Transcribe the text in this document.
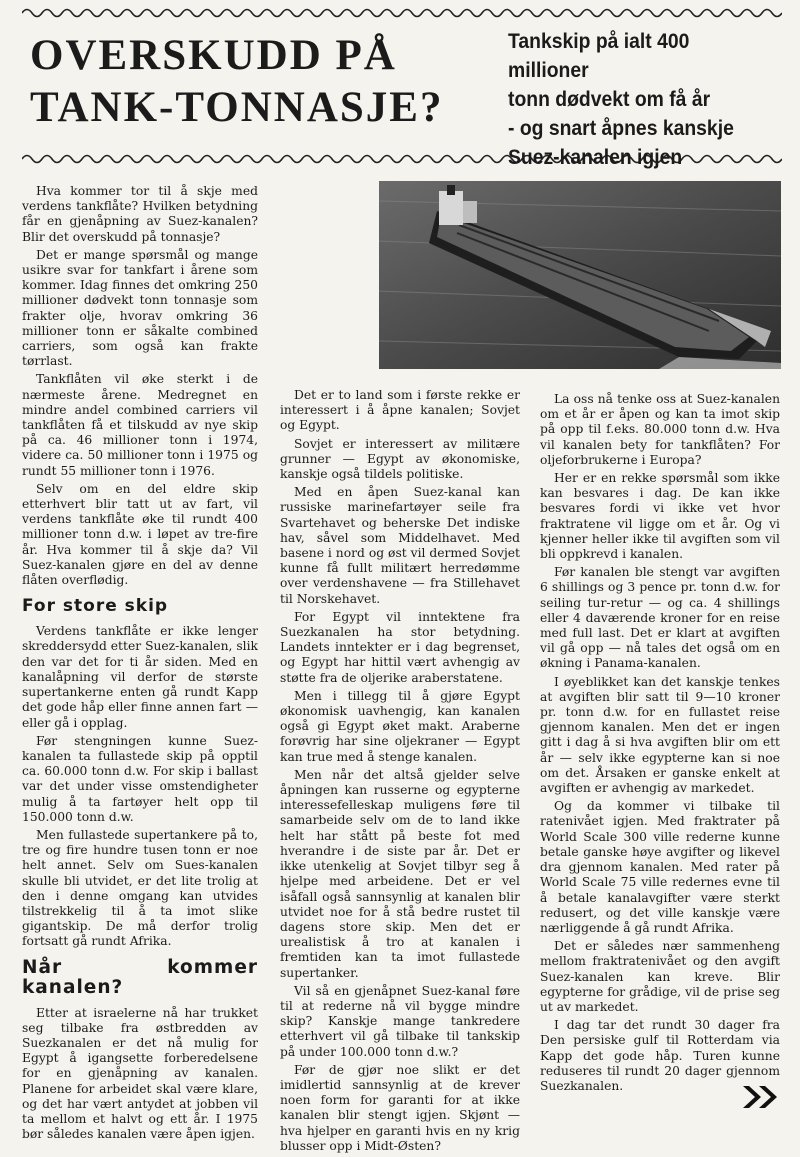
OVERSKUDD PÅ
TANK-TONNASJE?
Tankskip på ialt 400 millioner
tonn dødvekt om få år
- og snart åpnes kanskje
Suez-kanalen igjen

Hva kommer tor til å skje med verdens tankflåte? Hvilken betydning får en gjenåpning av Suez-kanalen? Blir det overskudd på tonnasje?

Det er mange spørsmål og mange usikre svar for tankfart i årene som kommer. Idag finnes det omkring 250 millioner dødvekt tonn tonnasje som frakter olje, hvorav omkring 36 millioner tonn er såkalte combined carriers, som også kan frakte tørrlast.

Tankflåten vil øke sterkt i de nærmeste årene. Medregnet en mindre andel combined carriers vil tankflåten få et tilskudd av nye skip på ca. 46 millioner tonn i 1974, videre ca. 50 millioner tonn i 1975 og rundt 55 millioner tonn i 1976.

Selv om en del eldre skip etterhvert blir tatt ut av fart, vil verdens tankflåte øke til rundt 400 millioner tonn d.w. i løpet av tre-fire år. Hva kommer til å skje da? Vil Suez-kanalen gjøre en del av denne flåten overflødig.

For store skip

Verdens tankflåte er ikke lenger skreddersydd etter Suez-kanalen, slik den var det for ti år siden. Med en kanalåpning vil derfor de største supertankerne enten gå rundt Kapp det gode håp eller finne annen fart — eller gå i opplag.

Før stengningen kunne Suez-kanalen ta fullastede skip på opptil ca. 60.000 tonn d.w. For skip i ballast var det under visse omstendigheter mulig å ta fartøyer helt opp til 150.000 tonn d.w.

Men fullastede supertankere på to, tre og fire hundre tusen tonn er noe helt annet. Selv om Sues-kanalen skulle bli utvidet, er det lite trolig at den i denne omgang kan utvides tilstrekkelig til å ta imot slike gigantskip. De må derfor trolig fortsatt gå rundt Afrika.

Når kommer kanalen?

Etter at israelerne nå har trukket seg tilbake fra østbredden av Suezkanalen er det nå mulig for Egypt å igangsette forberedelsene for en gjenåpning av kanalen. Planene for arbeidet skal være klare, og det har vært antydet at jobben vil ta mellom et halvt og ett år. I 1975 bør således kanalen være åpen igjen.

Det er to land som i første rekke er interessert i å åpne kanalen; Sovjet og Egypt.

Sovjet er interessert av militære grunner — Egypt av økonomiske, kanskje også tildels politiske.

Med en åpen Suez-kanal kan russiske marinefartøyer seile fra Svartehavet og beherske Det indiske hav, såvel som Middelhavet. Med basene i nord og øst vil dermed Sovjet kunne få fullt militært herredømme over verdenshavene — fra Stillehavet til Norskehavet.

For Egypt vil inntektene fra Suezkanalen ha stor betydning. Landets inntekter er i dag begrenset, og Egypt har hittil vært avhengig av støtte fra de oljerike araberstatene.

Men i tillegg til å gjøre Egypt økonomisk uavhengig, kan kanalen også gi Egypt øket makt. Araberne forøvrig har sine oljekraner — Egypt kan true med å stenge kanalen.

Men når det altså gjelder selve åpningen kan russerne og egypterne interessefelleskap muligens føre til samarbeide selv om de to land ikke helt har stått på beste fot med hverandre i de siste par år. Det er ikke utenkelig at Sovjet tilbyr seg å hjelpe med arbeidene. Det er vel isåfall også sannsynlig at kanalen blir utvidet noe for å stå bedre rustet til dagens store skip. Men det er urealistisk å tro at kanalen i fremtiden kan ta imot fullastede supertanker.

Vil så en gjenåpnet Suez-kanal føre til at rederne nå vil bygge mindre skip? Kanskje mange tankredere etterhvert vil gå tilbake til tankskip på under 100.000 tonn d.w.?

Før de gjør noe slikt er det imidlertid sannsynlig at de krever noen form for garanti for at ikke kanalen blir stengt igjen. Skjønt — hva hjelper en garanti hvis en ny krig blusser opp i Midt-Østen?

La oss nå tenke oss at Suez-kanalen om et år er åpen og kan ta imot skip på opp til f.eks. 80.000 tonn d.w. Hva vil kanalen bety for tankflåten? For oljeforbrukerne i Europa?

Her er en rekke spørsmål som ikke kan besvares i dag. De kan ikke besvares fordi vi ikke vet hvor fraktratene vil ligge om et år. Og vi kjenner heller ikke til avgiften som vil bli oppkrevd i kanalen.

Før kanalen ble stengt var avgiften 6 shillings og 3 pence pr. tonn d.w. for seiling tur-retur — og ca. 4 shillings eller 4 daværende kroner for en reise med full last. Det er klart at avgiften vil gå opp — nå tales det også om en økning i Panama-kanalen.

I øyeblikket kan det kanskje tenkes at avgiften blir satt til 9—10 kroner pr. tonn d.w. for en fullastet reise gjennom kanalen. Men det er ingen gitt i dag å si hva avgiften blir om ett år — selv ikke egypterne kan si noe om det. Årsaken er ganske enkelt at avgiften er avhengig av markedet.

Og da kommer vi tilbake til ratenivået igjen. Med fraktrater på World Scale 300 ville rederne kunne betale ganske høye avgifter og likevel dra gjennom kanalen. Med rater på World Scale 75 ville redernes evne til å betale kanalavgifter være sterkt redusert, og det ville kanskje være nærliggende å gå rundt Afrika.

Det er således nær sammenheng mellom fraktratenivået og den avgift Suez-kanalen kan kreve. Blir egypterne for grådige, vil de prise seg ut av markedet.

I dag tar det rundt 30 dager fra Den persiske gulf til Rotterdam via Kapp det gode håp. Turen kunne reduseres til rundt 20 dager gjennom Suezkanalen.
